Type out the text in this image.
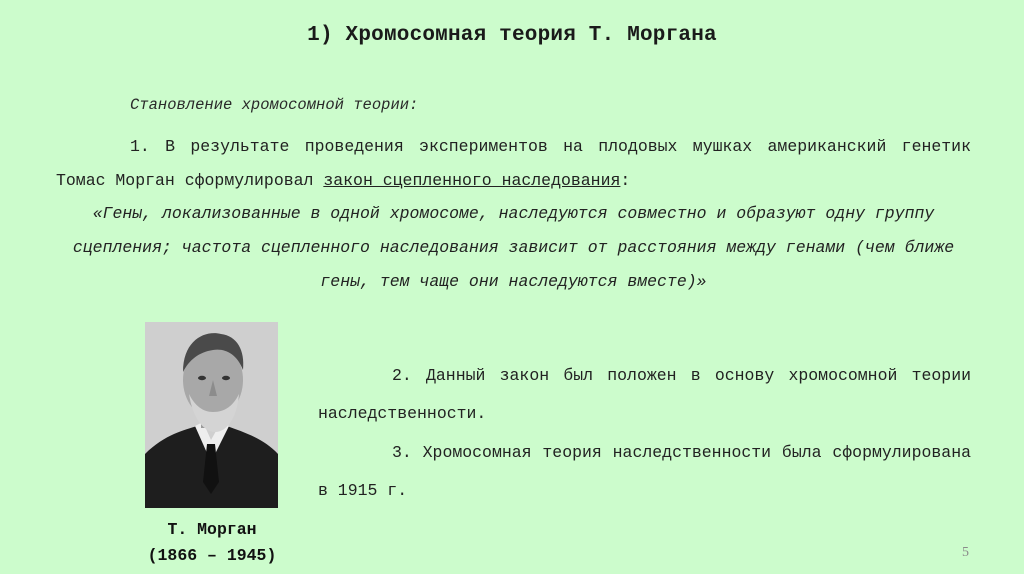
1) Хромосомная теория Т. Моргана
Становление хромосомной теории:
1. В результате проведения экспериментов на плодовых мушках американский генетик Томас Морган сформулировал закон сцепленного наследования:
«Гены, локализованные в одной хромосоме, наследуются совместно и образуют одну группу сцепления; частота сцепленного наследования зависит от расстояния между генами (чем ближе гены, тем чаще они наследуются вместе)»
Т. Морган
(1866 – 1945)
2. Данный закон был положен в основу хромосомной теории наследственности.
3. Хромосомная теория наследственности была сформулирована в 1915 г.
5
